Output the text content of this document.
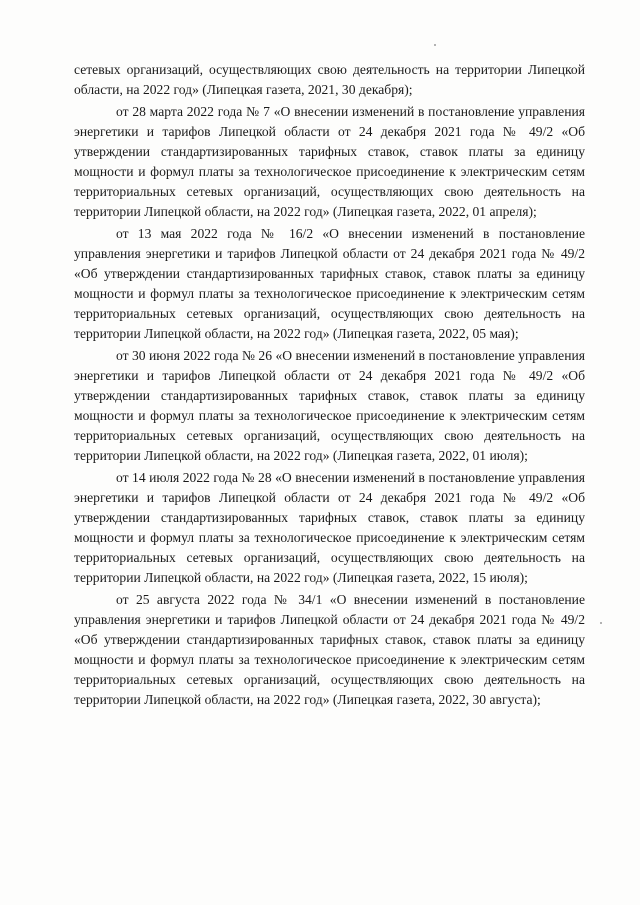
сетевых организаций, осуществляющих свою деятельность на территории Липецкой области, на 2022 год» (Липецкая газета, 2021, 30 декабря);

от 28 марта 2022 года № 7 «О внесении изменений в постановление управления энергетики и тарифов Липецкой области от 24 декабря 2021 года № 49/2 «Об утверждении стандартизированных тарифных ставок, ставок платы за единицу мощности и формул платы за технологическое присоединение к электрическим сетям территориальных сетевых организаций, осуществляющих свою деятельность на территории Липецкой области, на 2022 год» (Липецкая газета, 2022, 01 апреля);

от 13 мая 2022 года № 16/2 «О внесении изменений в постановление управления энергетики и тарифов Липецкой области от 24 декабря 2021 года № 49/2 «Об утверждении стандартизированных тарифных ставок, ставок платы за единицу мощности и формул платы за технологическое присоединение к электрическим сетям территориальных сетевых организаций, осуществляющих свою деятельность на территории Липецкой области, на 2022 год» (Липецкая газета, 2022, 05 мая);

от 30 июня 2022 года № 26 «О внесении изменений в постановление управления энергетики и тарифов Липецкой области от 24 декабря 2021 года № 49/2 «Об утверждении стандартизированных тарифных ставок, ставок платы за единицу мощности и формул платы за технологическое присоединение к электрическим сетям территориальных сетевых организаций, осуществляющих свою деятельность на территории Липецкой области, на 2022 год» (Липецкая газета, 2022, 01 июля);

от 14 июля 2022 года № 28 «О внесении изменений в постановление управления энергетики и тарифов Липецкой области от 24 декабря 2021 года № 49/2 «Об утверждении стандартизированных тарифных ставок, ставок платы за единицу мощности и формул платы за технологическое присоединение к электрическим сетям территориальных сетевых организаций, осуществляющих свою деятельность на территории Липецкой области, на 2022 год» (Липецкая газета, 2022, 15 июля);

от 25 августа 2022 года № 34/1 «О внесении изменений в постановление управления энергетики и тарифов Липецкой области от 24 декабря 2021 года № 49/2 «Об утверждении стандартизированных тарифных ставок, ставок платы за единицу мощности и формул платы за технологическое присоединение к электрическим сетям территориальных сетевых организаций, осуществляющих свою деятельность на территории Липецкой области, на 2022 год» (Липецкая газета, 2022, 30 августа);
